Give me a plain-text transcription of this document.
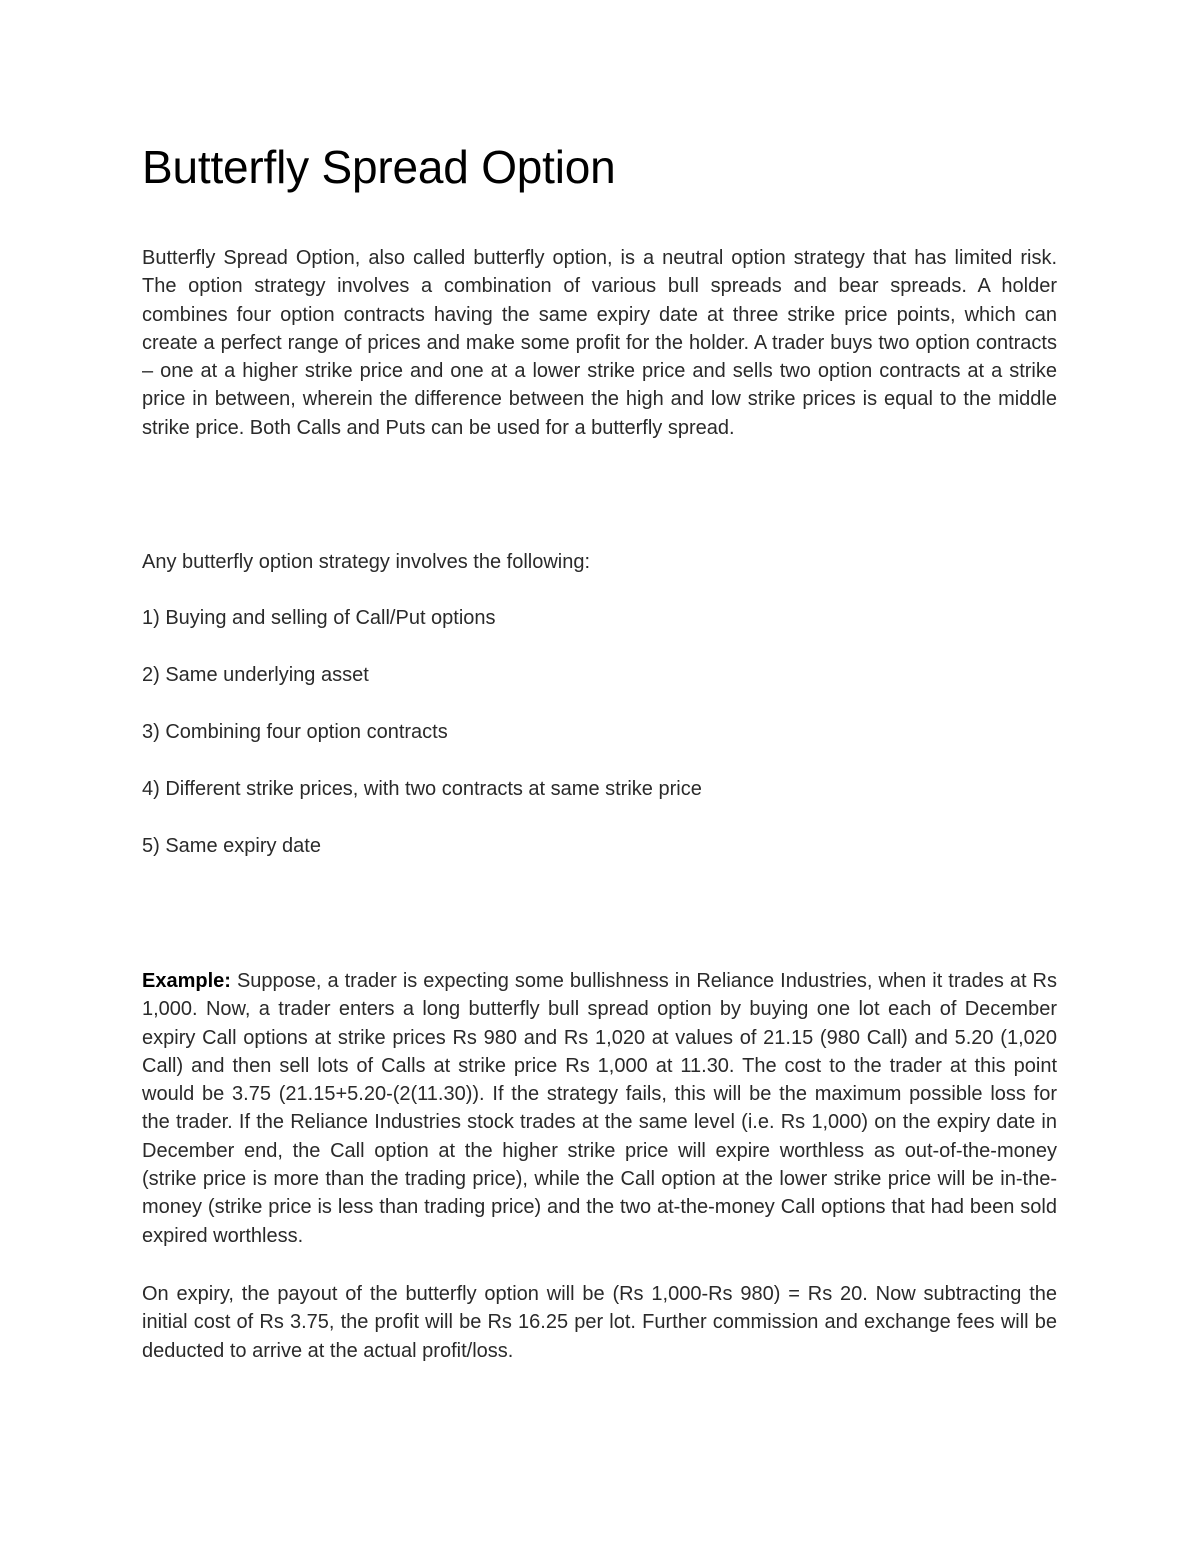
Butterfly Spread Option

Butterfly Spread Option, also called butterfly option, is a neutral option strategy that has limited risk. The option strategy involves a combination of various bull spreads and bear spreads. A holder combines four option contracts having the same expiry date at three strike price points, which can create a perfect range of prices and make some profit for the holder. A trader buys two option contracts – one at a higher strike price and one at a lower strike price and sells two option contracts at a strike price in between, wherein the difference between the high and low strike prices is equal to the middle strike price. Both Calls and Puts can be used for a butterfly spread.

Any butterfly option strategy involves the following:

1) Buying and selling of Call/Put options

2) Same underlying asset

3) Combining four option contracts

4) Different strike prices, with two contracts at same strike price

5) Same expiry date

Example: Suppose, a trader is expecting some bullishness in Reliance Industries, when it trades at Rs 1,000. Now, a trader enters a long butterfly bull spread option by buying one lot each of December expiry Call options at strike prices Rs 980 and Rs 1,020 at values of 21.15 (980 Call) and 5.20 (1,020 Call) and then sell lots of Calls at strike price Rs 1,000 at 11.30. The cost to the trader at this point would be 3.75 (21.15+5.20-(2(11.30)). If the strategy fails, this will be the maximum possible loss for the trader. If the Reliance Industries stock trades at the same level (i.e. Rs 1,000) on the expiry date in December end, the Call option at the higher strike price will expire worthless as out-of-the-money (strike price is more than the trading price), while the Call option at the lower strike price will be in-the-money (strike price is less than trading price) and the two at-the-money Call options that had been sold expired worthless.

On expiry, the payout of the butterfly option will be (Rs 1,000-Rs 980) = Rs 20. Now subtracting the initial cost of Rs 3.75, the profit will be Rs 16.25 per lot. Further commission and exchange fees will be deducted to arrive at the actual profit/loss.
